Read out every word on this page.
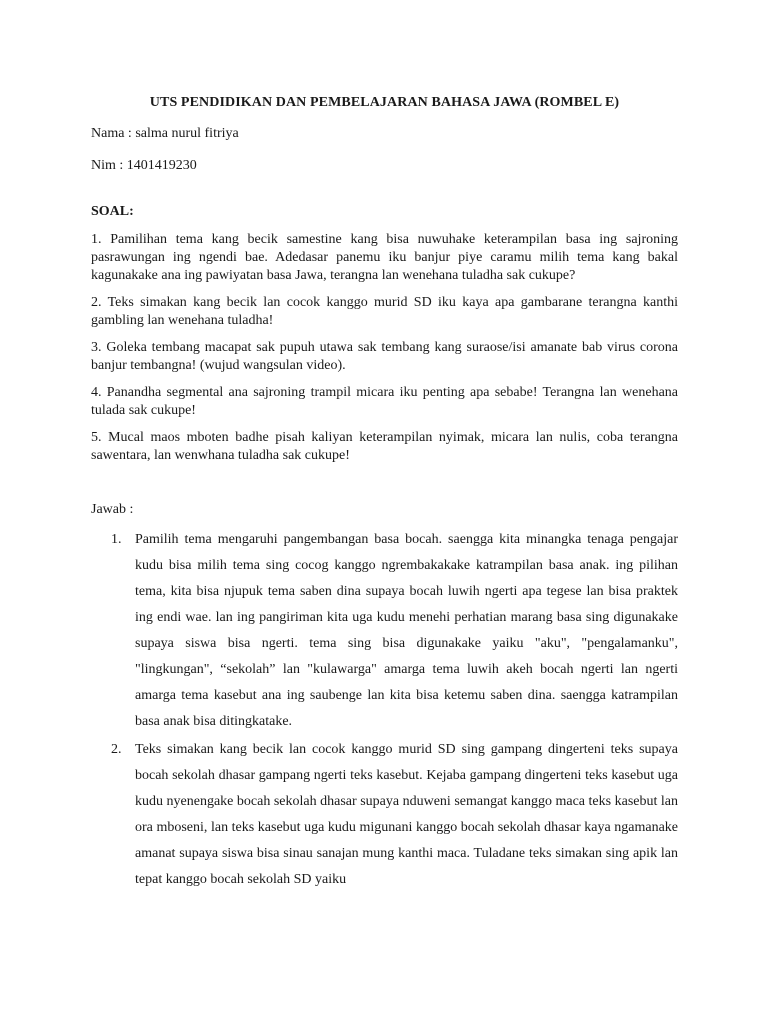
UTS PENDIDIKAN DAN PEMBELAJARAN BAHASA JAWA (ROMBEL E)
Nama : salma nurul fitriya
Nim : 1401419230
SOAL:
1. Pamilihan tema kang becik samestine kang bisa nuwuhake keterampilan basa ing sajroning pasrawungan ing ngendi bae. Adedasar panemu iku banjur piye caramu milih tema kang bakal kagunakake ana ing pawiyatan basa Jawa, terangna lan wenehana tuladha sak cukupe?
2. Teks simakan kang becik lan cocok kanggo murid SD iku kaya apa gambarane terangna kanthi gambling lan wenehana tuladha!
3. Goleka tembang macapat sak pupuh utawa sak tembang kang suraose/isi amanate bab virus corona banjur tembangna! (wujud wangsulan video).
4. Panandha segmental ana sajroning trampil micara iku penting apa sebabe! Terangna lan wenehana tulada sak cukupe!
5. Mucal maos mboten badhe pisah kaliyan keterampilan nyimak, micara lan nulis, coba terangna sawentara, lan wenwhana tuladha sak cukupe!
Jawab :
1. Pamilih tema mengaruhi pangembangan basa bocah. saengga kita minangka tenaga pengajar kudu bisa milih tema sing cocog kanggo ngrembakakake katrampilan basa anak. ing pilihan tema, kita bisa njupuk tema saben dina supaya bocah luwih ngerti apa tegese lan bisa praktek ing endi wae. lan ing pangiriman kita uga kudu menehi perhatian marang basa sing digunakake supaya siswa bisa ngerti. tema sing bisa digunakake yaiku "aku", "pengalamanku", "lingkungan", “sekolah” lan "kulawarga" amarga tema luwih akeh bocah ngerti lan ngerti amarga tema kasebut ana ing saubenge lan kita bisa ketemu saben dina. saengga katrampilan basa anak bisa ditingkatake.
2. Teks simakan kang becik lan cocok kanggo murid SD sing gampang dingerteni teks supaya bocah sekolah dhasar gampang ngerti teks kasebut. Kejaba gampang dingerteni teks kasebut uga kudu nyenengake bocah sekolah dhasar supaya nduweni semangat kanggo maca teks kasebut lan ora mboseni, lan teks kasebut uga kudu migunani kanggo bocah sekolah dhasar kaya ngamanake amanat supaya siswa bisa sinau sanajan mung kanthi maca. Tuladane teks simakan sing apik lan tepat kanggo bocah sekolah SD yaiku
